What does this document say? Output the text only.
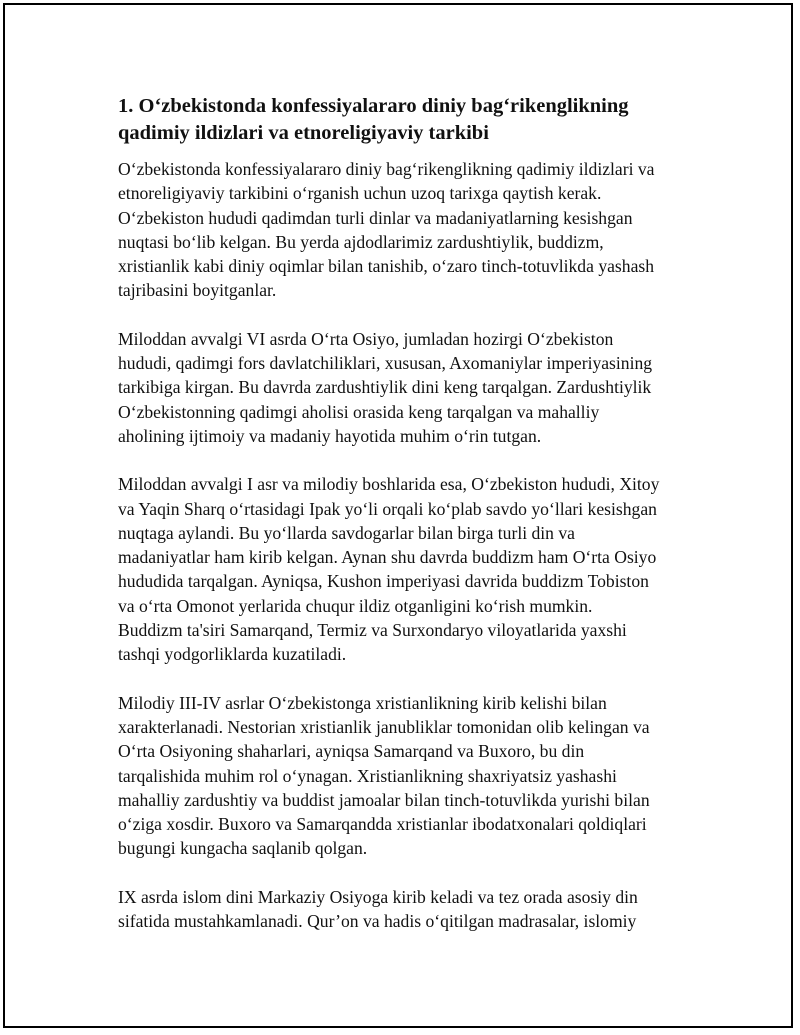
1. O‘zbekistonda konfessiyalararo diniy bag‘rikenglikning
qadimiy ildizlari va etnoreligiyaviy tarkibi
O‘zbekistonda konfessiyalararo diniy bag‘rikenglikning qadimiy ildizlari va
etnoreligiyaviy tarkibini o‘rganish uchun uzoq tarixga qaytish kerak.
O‘zbekiston hududi qadimdan turli dinlar va madaniyatlarning kesishgan
nuqtasi bo‘lib kelgan. Bu yerda ajdodlarimiz zardushtiylik, buddizm,
xristianlik kabi diniy oqimlar bilan tanishib, o‘zaro tinch-totuvlikda yashash
tajribasini boyitganlar.
Miloddan avvalgi VI asrda O‘rta Osiyo, jumladan hozirgi O‘zbekiston
hududi, qadimgi fors davlatchiliklari, xususan, Axomaniylar imperiyasining
tarkibiga kirgan. Bu davrda zardushtiylik dini keng tarqalgan. Zardushtiylik
O‘zbekistonning qadimgi aholisi orasida keng tarqalgan va mahalliy
aholining ijtimoiy va madaniy hayotida muhim o‘rin tutgan.
Miloddan avvalgi I asr va milodiy boshlarida esa, O‘zbekiston hududi, Xitoy
va Yaqin Sharq o‘rtasidagi Ipak yo‘li orqali ko‘plab savdo yo‘llari kesishgan
nuqtaga aylandi. Bu yo‘llarda savdogarlar bilan birga turli din va
madaniyatlar ham kirib kelgan. Aynan shu davrda buddizm ham O‘rta Osiyo
hududida tarqalgan. Ayniqsa, Kushon imperiyasi davrida buddizm Tobiston
va o‘rta Omonot yerlarida chuqur ildiz otganligini ko‘rish mumkin.
Buddizm ta'siri Samarqand, Termiz va Surxondaryo viloyatlarida yaxshi
tashqi yodgorliklarda kuzatiladi.
Milodiy III-IV asrlar O‘zbekistonga xristianlikning kirib kelishi bilan
xarakterlanadi. Nestorian xristianlik janubliklar tomonidan olib kelingan va
O‘rta Osiyoning shaharlari, ayniqsa Samarqand va Buxoro, bu din
tarqalishida muhim rol o‘ynagan. Xristianlikning shaxriyatsiz yashashi
mahalliy zardushtiy va buddist jamoalar bilan tinch-totuvlikda yurishi bilan
o‘ziga xosdir. Buxoro va Samarqandda xristianlar ibodatxonalari qoldiqlari
bugungi kungacha saqlanib qolgan.
IX asrda islom dini Markaziy Osiyoga kirib keladi va tez orada asosiy din
sifatida mustahkamlanadi. Qur’on va hadis o‘qitilgan madrasalar, islomiy
